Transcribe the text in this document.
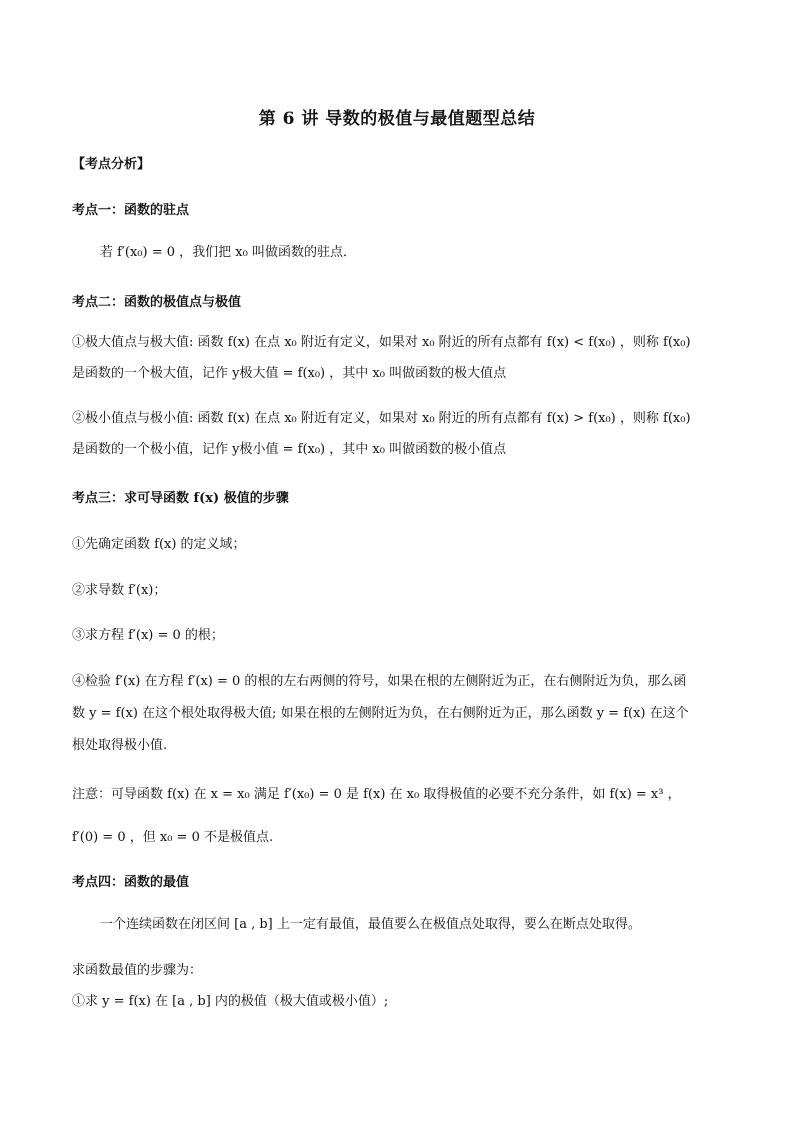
第 6 讲 导数的极值与最值题型总结
【考点分析】
考点一：函数的驻点
若 f′(x₀) = 0 ，我们把 x₀ 叫做函数的驻点．
考点二：函数的极值点与极值
①极大值点与极大值: 函数 f(x) 在点 x₀ 附近有定义，如果对 x₀ 附近的所有点都有 f(x) < f(x₀) ，则称 f(x₀)
是函数的一个极大值，记作 y极大值 = f(x₀) ，其中 x₀ 叫做函数的极大值点
②极小值点与极小值: 函数 f(x) 在点 x₀ 附近有定义，如果对 x₀ 附近的所有点都有 f(x) > f(x₀) ，则称 f(x₀)
是函数的一个极小值，记作 y极小值 = f(x₀) ，其中 x₀ 叫做函数的极小值点
考点三：求可导函数 f(x) 极值的步骤
①先确定函数 f(x) 的定义域；
②求导数 f′(x)；
③求方程 f′(x) = 0 的根；
④检验 f′(x) 在方程 f′(x) = 0 的根的左右两侧的符号，如果在根的左侧附近为正，在右侧附近为负，那么函
数 y = f(x) 在这个根处取得极大值; 如果在根的左侧附近为负，在右侧附近为正，那么函数 y = f(x) 在这个
根处取得极小值.
注意：可导函数 f(x) 在 x = x₀ 满足 f′(x₀) = 0 是 f(x) 在 x₀ 取得极值的必要不充分条件，如 f(x) = x³ ，
f′(0) = 0 ，但 x₀ = 0 不是极值点.
考点四：函数的最值
一个连续函数在闭区间 [a , b] 上一定有最值，最值要么在极值点处取得，要么在断点处取得。
求函数最值的步骤为：
①求 y = f(x) 在 [a , b] 内的极值（极大值或极小值）;
